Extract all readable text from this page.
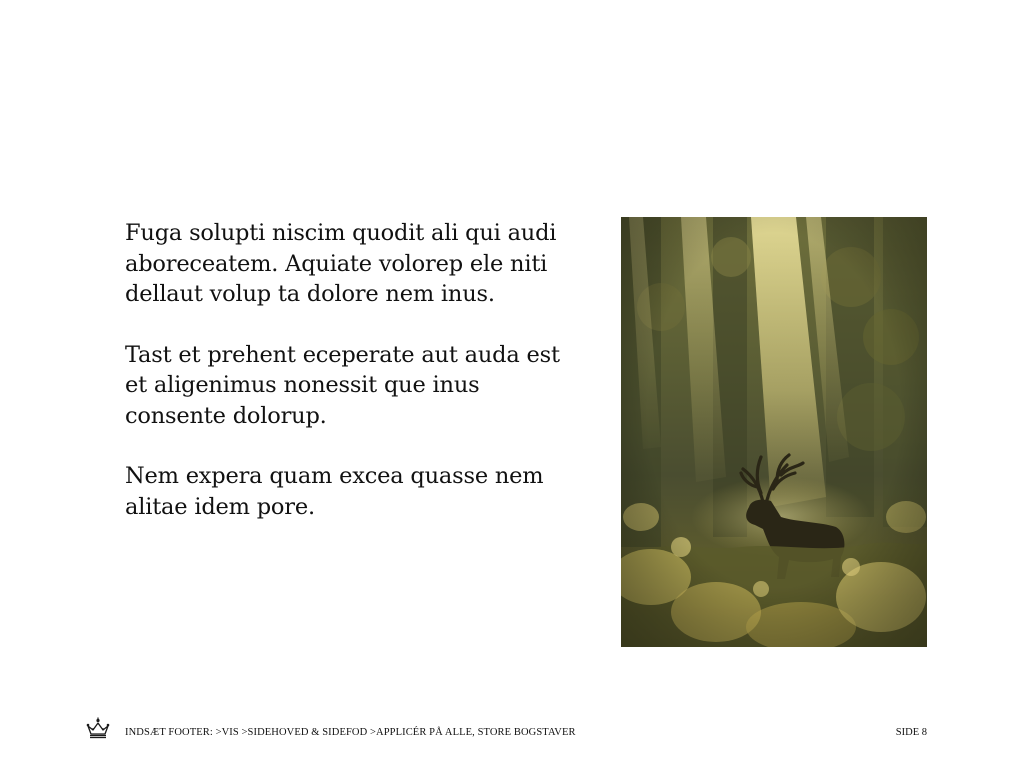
Fuga solupti niscim quodit ali qui audi aboreceatem. Aquiate volorep ele niti dellaut volup ta dolore nem inus.

Tast et prehent eceperate aut auda est et aligenimus nonessit que inus consente dolorup.

Nem expera quam excea quasse nem alitae idem pore.

INDSÆT FOOTER: >VIS >SIDEHOVED & SIDEFOD >APPLICÉR PÅ ALLE, STORE BOGSTAVER	SIDE 8
